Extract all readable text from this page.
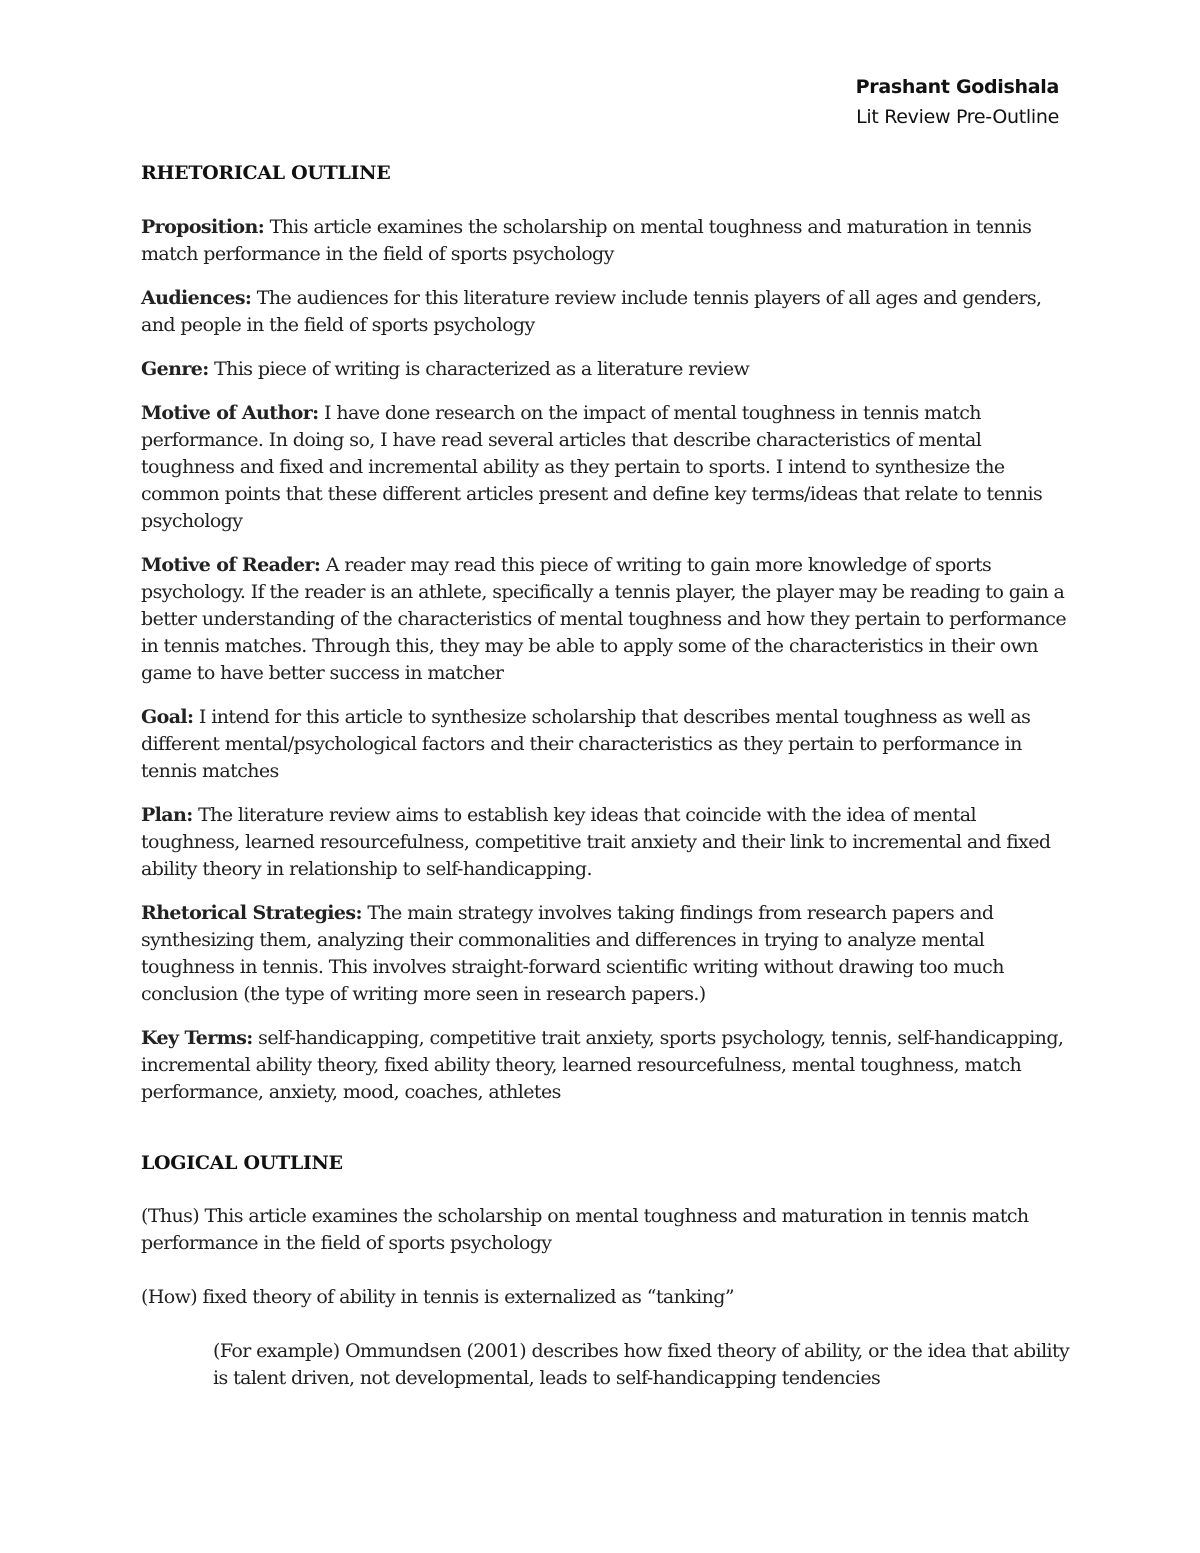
Prashant Godishala
Lit Review Pre-Outline

RHETORICAL OUTLINE

Proposition: This article examines the scholarship on mental toughness and maturation in tennis match performance in the field of sports psychology

Audiences: The audiences for this literature review include tennis players of all ages and genders, and people in the field of sports psychology

Genre: This piece of writing is characterized as a literature review

Motive of Author: I have done research on the impact of mental toughness in tennis match performance. In doing so, I have read several articles that describe characteristics of mental toughness and fixed and incremental ability as they pertain to sports. I intend to synthesize the common points that these different articles present and define key terms/ideas that relate to tennis psychology

Motive of Reader: A reader may read this piece of writing to gain more knowledge of sports psychology. If the reader is an athlete, specifically a tennis player, the player may be reading to gain a better understanding of the characteristics of mental toughness and how they pertain to performance in tennis matches. Through this, they may be able to apply some of the characteristics in their own game to have better success in matcher

Goal: I intend for this article to synthesize scholarship that describes mental toughness as well as different mental/psychological factors and their characteristics as they pertain to performance in tennis matches

Plan: The literature review aims to establish key ideas that coincide with the idea of mental toughness, learned resourcefulness, competitive trait anxiety and their link to incremental and fixed ability theory in relationship to self-handicapping.

Rhetorical Strategies: The main strategy involves taking findings from research papers and synthesizing them, analyzing their commonalities and differences in trying to analyze mental toughness in tennis. This involves straight-forward scientific writing without drawing too much conclusion (the type of writing more seen in research papers.)

Key Terms: self-handicapping, competitive trait anxiety, sports psychology, tennis, self-handicapping, incremental ability theory, fixed ability theory, learned resourcefulness, mental toughness, match performance, anxiety, mood, coaches, athletes

LOGICAL OUTLINE

(Thus) This article examines the scholarship on mental toughness and maturation in tennis match performance in the field of sports psychology

(How) fixed theory of ability in tennis is externalized as “tanking”

(For example) Ommundsen (2001) describes how fixed theory of ability, or the idea that ability is talent driven, not developmental, leads to self-handicapping tendencies
